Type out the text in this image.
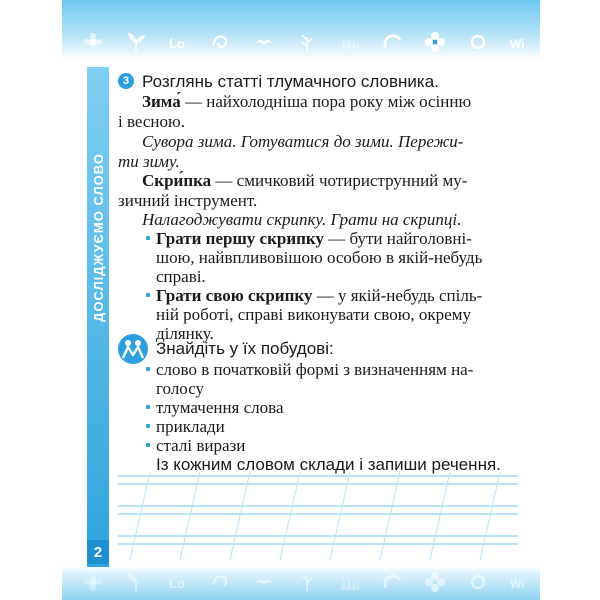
Lo	Wi
Lo	Wi
ДОСЛІДЖУЄМО СЛОВО
2
3 Розглянь статті тлумачного словника.
Зима́ — найхолодніша пора року між осінню
і весною.
Сувора зима. Готуватися до зими. Пережи-
ти зиму.
Скри́пка — смичковий чотириструнний му-
зичний інструмент.
Налагоджувати скрипку. Грати на скрипці.
Грати першу скрипку — бути найголовні-
шою, найвпливовішою особою в якій-небудь
справі.
Грати свою скрипку — у якій-небудь спіль-
ній роботі, справі виконувати свою, окрему
ділянку.
Знайдіть у їх побудові:
слово в початковій формі з визначенням на-
голосу
тлумачення слова
приклади
сталі вирази
Із кожним словом склади і запиши речення.
